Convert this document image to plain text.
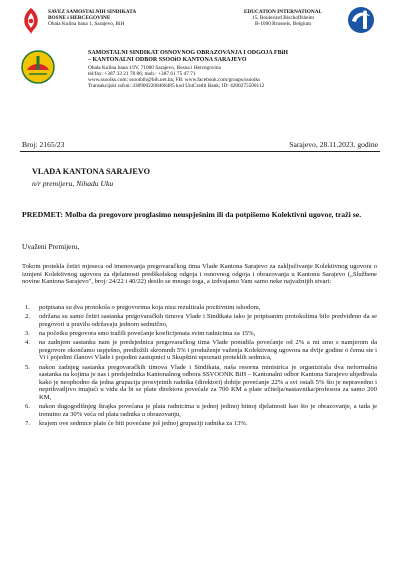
SAVEZ SAMOSTALNIH SINDIKATA
BOSNE i HERCEGOVINE
Obala Kulina bana 1, Sarajevo, BiH
EDUCATION INTERNATIONAL
15, Boulevard Bischoffsheim
B-1000 Brussels, Belgium
SAMOSTALNI SINDIKAT OSNOVNOG OBRAZOVANJA I ODGOJA FBiH
– KANTONALNI ODBOR SSOOiO KANTONA SARAJEVO
Obala Kulina bana 1/IV, 71000 Sarajevo, Bosna i Hercegovina
tel/fax: +387 33 21 78 86; mob.: +387 61 75 47 71
www.ssooiks.com; ssooibih@bih.net.ba; FB: www.facebook.com/groups/ssooiks
Transakcijski račun: 3389002208468485 kod UniCredit Bank; ID: 4200275500112
Broj: 2165/23	Sarajevo, 28.11.2023. godine
VLADA KANTONA SARAJEVO
n/r premijeru, Nihadu Uku
PREDMET: Molba da pregovore proglasimo neuspješnim ili da potpišemo Kolektivni ugovor, traži se.
Uvaženi Premijeru,
Tokom protekla četiri mjeseca od imenovanja pregovaračkog tima Vlade Kantona Sarajevo za zaključivanje Kolektivnog ugovora o izmjeni Kolektivnog ugovora za djelatnosti predškolskog odgoja i osnovnog odgoja i obrazovanja u Kantonu Sarajevo („Službene novine Kantona Sarajevo", broj: 24/22 i 40/22) desilo se mnogo toga, a izdvajamo Vam samo neke najvažnijih stvari:
1. potpisana su dva protokola o pregovorima koja nisu rezultirala pozitivnim ishodom,
2. održana su samo četiri sastanka pregovaračkih timova Vlade i Sindikata iako je potpisanim protokolima bilo predviđeno da se pregovori u pravilu održavaju jednom sedmično,
3. na početku pregovora smo tražili povećanje koeficijenata svim radnicima za 15%,
4. na zadnjem sastanku nam je predsjednica pregovaračkog tima Vlade ponudila povećanje od 2% a mi smo s namjerom da pregovore okončamo uspješno, predložili skromnih 5% i produženje važenja Kolektivnog ugovora na dvije godine o čemu ste i Vi i pojedini članovi Vlade i pojedini zastupnici u Skupštini upoznati proteklih sedmica,
5. nakon zadnjeg sastanka pregovaračkih timova Vlade i Sindikata, naša resorna ministrica je organizirala dva neformalna sastanka na kojima je nas i predsjednika Kantonalnog odbora SSVOONK BiH – Kantonalni odbor Kantona Sarajevo ubjeđivala kako je neophodno da jedna grupacija prosvjetnih radnika (direktori) dobije povećanje 22% a svi ostali 5% što je nepravedno i neprihvatljivo imajući u vidu da bi se plate direktora povećale za 700 KM a plate učitelja/nastavnika/profesora za samo 200 KM,
6. nakon dugogodišnjeg štrajka povećana je plata radnicima u jednoj jedinoj bitnoj djelatnosti kao što je obrazovanje, a tada je trenutno za 30% veća od plata radnika u obrazovanju,
7. krajem ove sedmice plate će biti povećane još jednoj grupaciji radnika za 13%.
